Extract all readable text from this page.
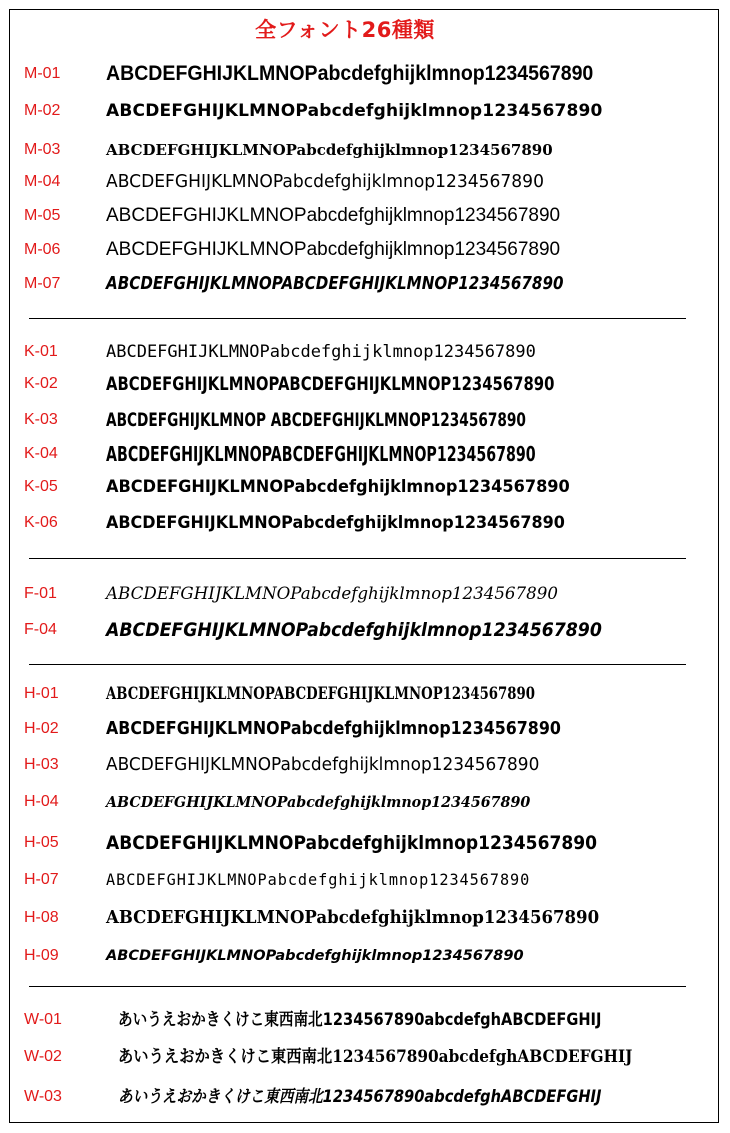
全フォント26種類
M-01 ABCDEFGHIJKLMNOPabcdefghijklmnop1234567890
M-02	ABCDEFGHIJKLMNOPabcdefghijklmnop1234567890
M-03	ABCDEFGHIJKLMNOPabcdefghijklmnop1234567890
M-04	ABCDEFGHIJKLMNOPabcdefghijklmnop1234567890
M-05 ABCDEFGHIJKLMNOPabcdefghijklmnop1234567890
M-06 ABCDEFGHIJKLMNOPabcdefghijklmnop1234567890
M-07	ABCDEFGHIJKLMNOPABCDEFGHIJKLMNOP1234567890
K-01	ABCDEFGHIJKLMNOPabcdefghijklmnop1234567890
K-02	ABCDEFGHIJKLMNOPABCDEFGHIJKLMNOP1234567890
K-03	ABCDEFGHIJKLMNOP ABCDEFGHIJKLMNOP1234567890
K-04 ABCDEFGHIJKLMNOPABCDEFGHIJKLMNOP1234567890
K-05	ABCDEFGHIJKLMNOPabcdefghijklmnop1234567890
K-06	ABCDEFGHIJKLMNOPabcdefghijklmnop1234567890
F-01	ABCDEFGHIJKLMNOPabcdefghijklmnop1234567890
F-04	ABCDEFGHIJKLMNOPabcdefghijklmnop1234567890
H-01	ABCDEFGHIJKLMNOPABCDEFGHIJKLMNOP1234567890
H-02	ABCDEFGHIJKLMNOPabcdefghijklmnop1234567890
H-03	ABCDEFGHIJKLMNOPabcdefghijklmnop1234567890
H-04	ABCDEFGHIJKLMNOPabcdefghijklmnop1234567890
H-05 ABCDEFGHIJKLMNOPabcdefghijklmnop1234567890
H-07	ABCDEFGHIJKLMNOPabcdefghijklmnop1234567890
H-08	ABCDEFGHIJKLMNOPabcdefghijklmnop1234567890
H-09	ABCDEFGHIJKLMNOPabcdefghijklmnop1234567890
W-01	あいうえおかきくけこ東西南北1234567890abcdefghABCDEFGHIJ
W-02	あいうえおかきくけこ東西南北1234567890abcdefghABCDEFGHIJ
W-03	あいうえおかきくけこ東西南北1234567890abcdefghABCDEFGHIJ
